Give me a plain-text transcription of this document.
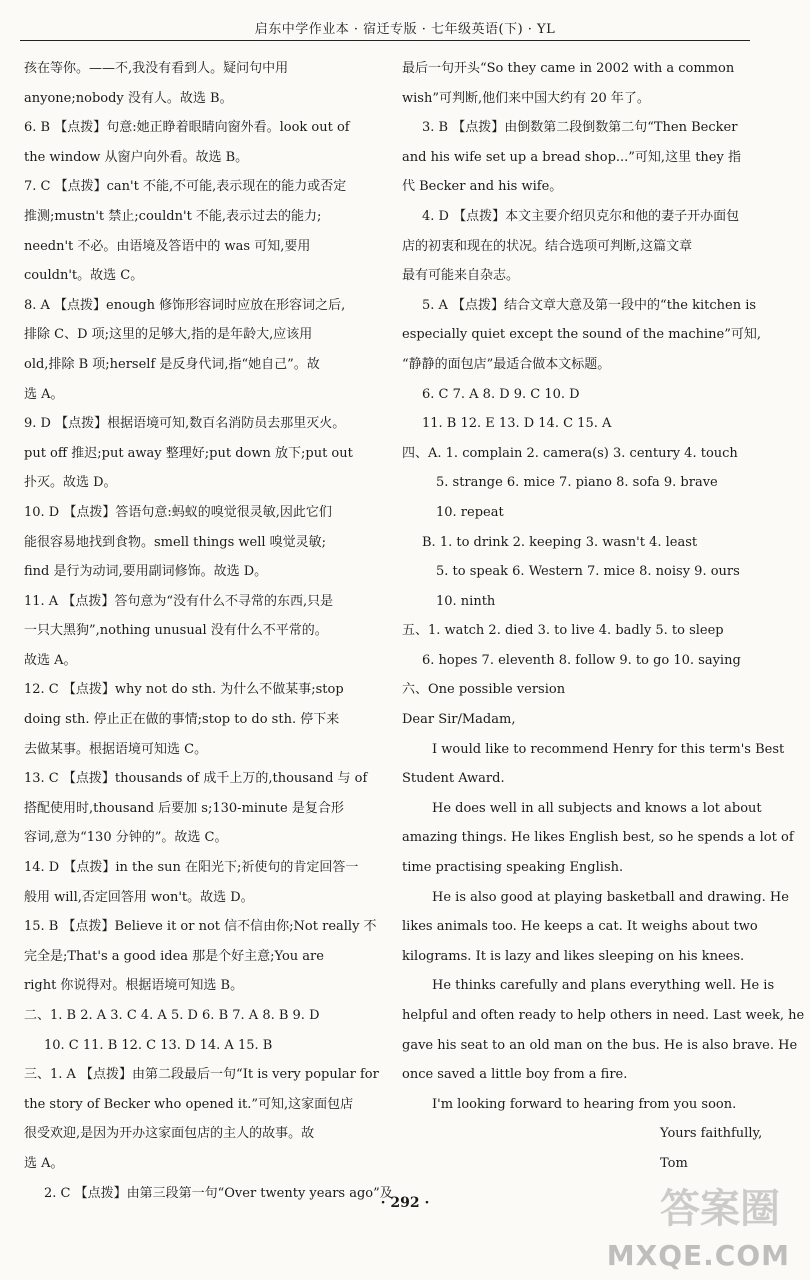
启东中学作业本 · 宿迁专版 · 七年级英语(下) · YL
孩在等你。——不,我没有看到人。疑问句中用
anyone;nobody 没有人。故选 B。
6. B 【点拨】句意:她正睁着眼睛向窗外看。look out of
the window 从窗户向外看。故选 B。
7. C 【点拨】can't 不能,不可能,表示现在的能力或否定
推测;mustn't 禁止;couldn't 不能,表示过去的能力;
needn't 不必。由语境及答语中的 was 可知,要用
couldn't。故选 C。
8. A 【点拨】enough 修饰形容词时应放在形容词之后,
排除 C、D 项;这里的足够大,指的是年龄大,应该用
old,排除 B 项;herself 是反身代词,指“她自己”。故
选 A。
9. D 【点拨】根据语境可知,数百名消防员去那里灭火。
put off 推迟;put away 整理好;put down 放下;put out
扑灭。故选 D。
10. D 【点拨】答语句意:蚂蚁的嗅觉很灵敏,因此它们
能很容易地找到食物。smell things well 嗅觉灵敏;
find 是行为动词,要用副词修饰。故选 D。
11. A 【点拨】答句意为“没有什么不寻常的东西,只是
一只大黑狗”,nothing unusual 没有什么不平常的。
故选 A。
12. C 【点拨】why not do sth. 为什么不做某事;stop
doing sth. 停止正在做的事情;stop to do sth. 停下来
去做某事。根据语境可知选 C。
13. C 【点拨】thousands of 成千上万的,thousand 与 of
搭配使用时,thousand 后要加 s;130-minute 是复合形
容词,意为“130 分钟的”。故选 C。
14. D 【点拨】in the sun 在阳光下;祈使句的肯定回答一
般用 will,否定回答用 won't。故选 D。
15. B 【点拨】Believe it or not 信不信由你;Not really 不
完全是;That's a good idea 那是个好主意;You are
right 你说得对。根据语境可知选 B。
二、1. B 2. A 3. C 4. A 5. D 6. B 7. A 8. B 9. D
10. C 11. B 12. C 13. D 14. A 15. B
三、1. A 【点拨】由第二段最后一句“It is very popular for
the story of Becker who opened it.”可知,这家面包店
很受欢迎,是因为开办这家面包店的主人的故事。故
选 A。
2. C 【点拨】由第三段第一句“Over twenty years ago”及
最后一句开头“So they came in 2002 with a common
wish”可判断,他们来中国大约有 20 年了。
3. B 【点拨】由倒数第二段倒数第二句“Then Becker
and his wife set up a bread shop...”可知,这里 they 指
代 Becker and his wife。
4. D 【点拨】本文主要介绍贝克尔和他的妻子开办面包
店的初衷和现在的状况。结合选项可判断,这篇文章
最有可能来自杂志。
5. A 【点拨】结合文章大意及第一段中的“the kitchen is
especially quiet except the sound of the machine”可知,
“静静的面包店”最适合做本文标题。
6. C 7. A 8. D 9. C 10. D
11. B 12. E 13. D 14. C 15. A
四、A. 1. complain 2. camera(s) 3. century 4. touch
5. strange 6. mice 7. piano 8. sofa 9. brave
10. repeat
B. 1. to drink 2. keeping 3. wasn't 4. least
5. to speak 6. Western 7. mice 8. noisy 9. ours
10. ninth
五、1. watch 2. died 3. to live 4. badly 5. to sleep
6. hopes 7. eleventh 8. follow 9. to go 10. saying
六、One possible version
Dear Sir/Madam,
I would like to recommend Henry for this term's Best
Student Award.
He does well in all subjects and knows a lot about
amazing things. He likes English best, so he spends a lot of
time practising speaking English.
He is also good at playing basketball and drawing. He
likes animals too. He keeps a cat. It weighs about two
kilograms. It is lazy and likes sleeping on his knees.
He thinks carefully and plans everything well. He is
helpful and often ready to help others in need. Last week, he
gave his seat to an old man on the bus. He is also brave. He
once saved a little boy from a fire.
I'm looking forward to hearing from you soon.
Yours faithfully,
Tom
· 292 ·	答案圈
MXQE.COM
